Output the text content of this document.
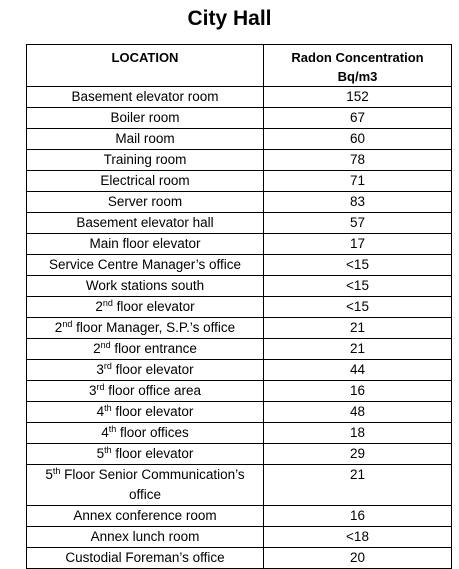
City Hall
LOCATION	Radon Concentration
Bq/m3
Basement elevator room	152
Boiler room	67
Mail room	60
Training room	78
Electrical room	71
Server room	83
Basement elevator hall	57
Main floor elevator	17
Service Centre Manager’s office	<15
Work stations south	<15
2nd floor elevator	<15
2nd floor Manager, S.P.’s office	21
2nd floor entrance	21
3rd floor elevator	44
3rd floor office area	16
4th floor elevator	48
4th floor offices	18
5th floor elevator	29
5th Floor Senior Communication’s office	21
Annex conference room	16
Annex lunch room	<18
Custodial Foreman’s office	20
